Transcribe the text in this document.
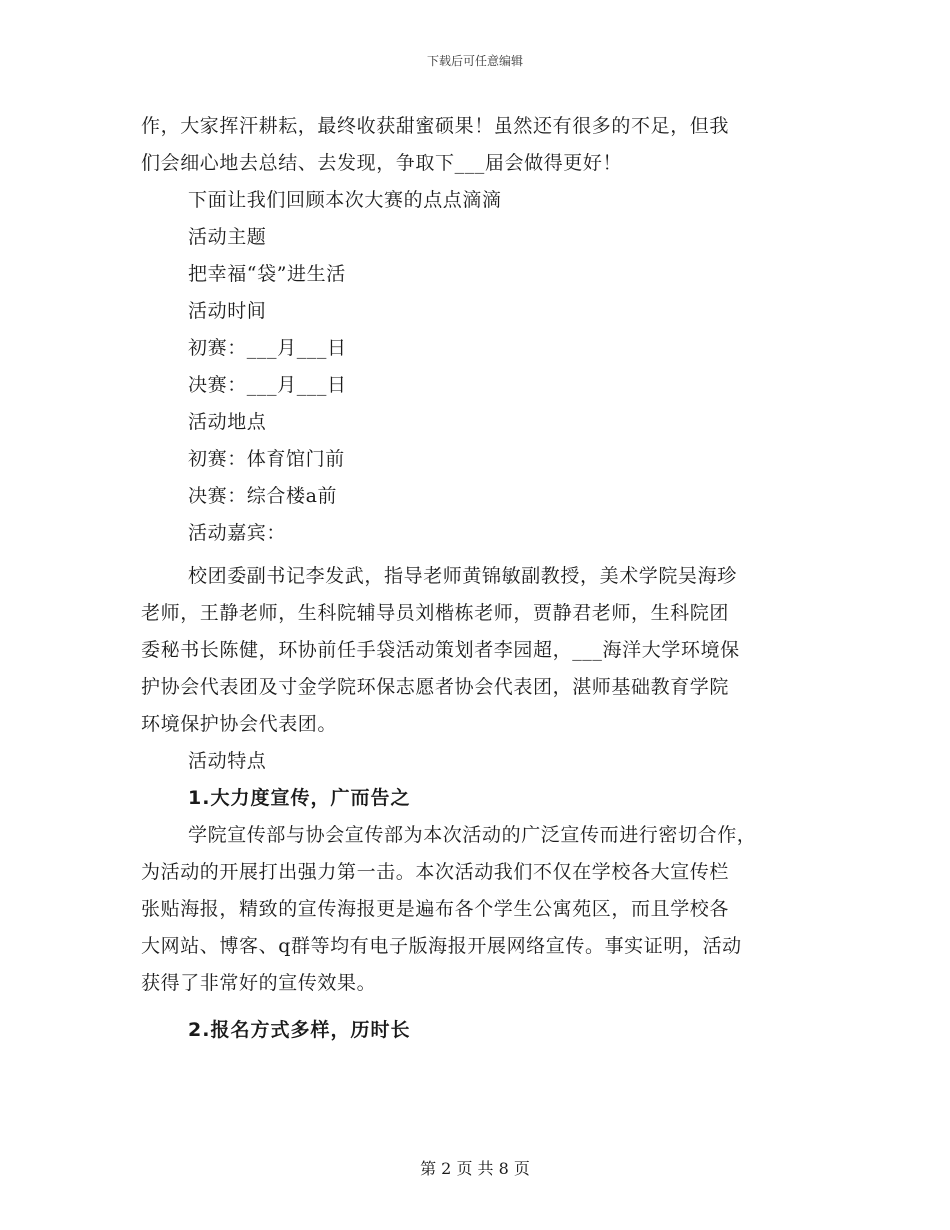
下载后可任意编辑
作，大家挥汗耕耘，最终收获甜蜜硕果！虽然还有很多的不足，但我
们会细心地去总结、去发现，争取下___届会做得更好！
下面让我们回顾本次大赛的点点滴滴
活动主题
把幸福“袋”进生活
活动时间
初赛：___月___日
决赛：___月___日
活动地点
初赛：体育馆门前
决赛：综合楼a前
活动嘉宾：
校团委副书记李发武，指导老师黄锦敏副教授，美术学院吴海珍
老师，王静老师，生科院辅导员刘楷栋老师，贾静君老师，生科院团
委秘书长陈健，环协前任手袋活动策划者李园超，___海洋大学环境保
护协会代表团及寸金学院环保志愿者协会代表团，湛师基础教育学院
环境保护协会代表团。
活动特点
1.大力度宣传，广而告之
学院宣传部与协会宣传部为本次活动的广泛宣传而进行密切合作，
为活动的开展打出强力第一击。本次活动我们不仅在学校各大宣传栏
张贴海报，精致的宣传海报更是遍布各个学生公寓苑区，而且学校各
大网站、博客、q群等均有电子版海报开展网络宣传。事实证明，活动
获得了非常好的宣传效果。
2.报名方式多样，历时长
第 2 页 共 8 页
